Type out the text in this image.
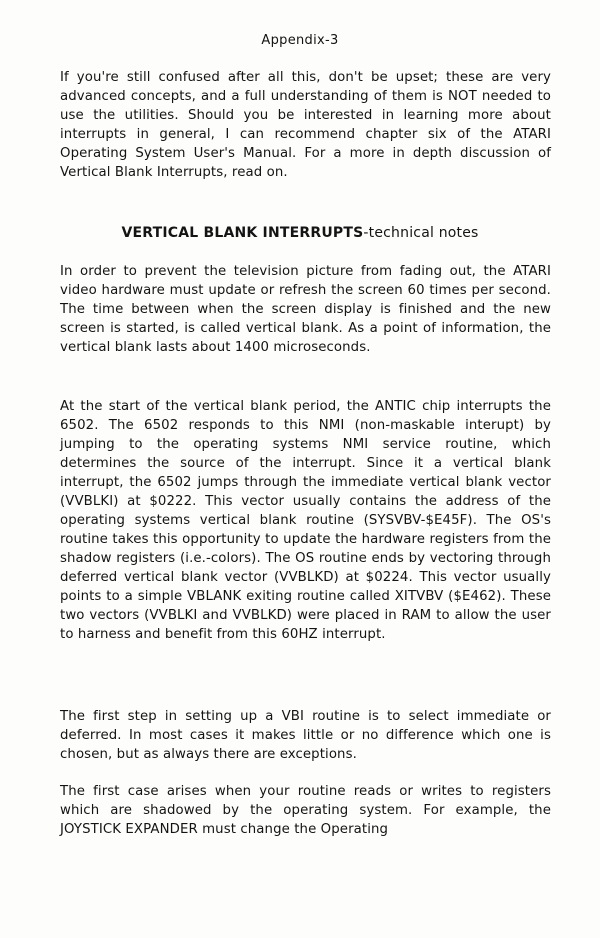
Appendix-3

If you're still confused after all this, don't be upset; these are very advanced concepts, and a full understanding of them is NOT needed to use the utilities. Should you be interested in learning more about interrupts in general, I can recommend chapter six of the ATARI Operating System User's Manual. For a more in depth discussion of Vertical Blank Interrupts, read on.

VERTICAL BLANK INTERRUPTS-technical notes

In order to prevent the television picture from fading out, the ATARI video hardware must update or refresh the screen 60 times per second. The time between when the screen display is finished and the new screen is started, is called vertical blank. As a point of information, the vertical blank lasts about 1400 microseconds.

At the start of the vertical blank period, the ANTIC chip interrupts the 6502. The 6502 responds to this NMI (non-maskable interupt) by jumping to the operating systems NMI service routine, which determines the source of the interrupt. Since it a vertical blank interrupt, the 6502 jumps through the immediate vertical blank vector (VVBLKI) at $0222. This vector usually contains the address of the operating systems vertical blank routine (SYSVBV-$E45F). The OS's routine takes this opportunity to update the hardware registers from the shadow registers (i.e.-colors). The OS routine ends by vectoring through deferred vertical blank vector (VVBLKD) at $0224. This vector usually points to a simple VBLANK exiting routine called XITVBV ($E462). These two vectors (VVBLKI and VVBLKD) were placed in RAM to allow the user to harness and benefit from this 60HZ interrupt.

The first step in setting up a VBI routine is to select immediate or deferred. In most cases it makes little or no difference which one is chosen, but as always there are exceptions.

The first case arises when your routine reads or writes to registers which are shadowed by the operating system. For example, the JOYSTICK EXPANDER must change the Operating
